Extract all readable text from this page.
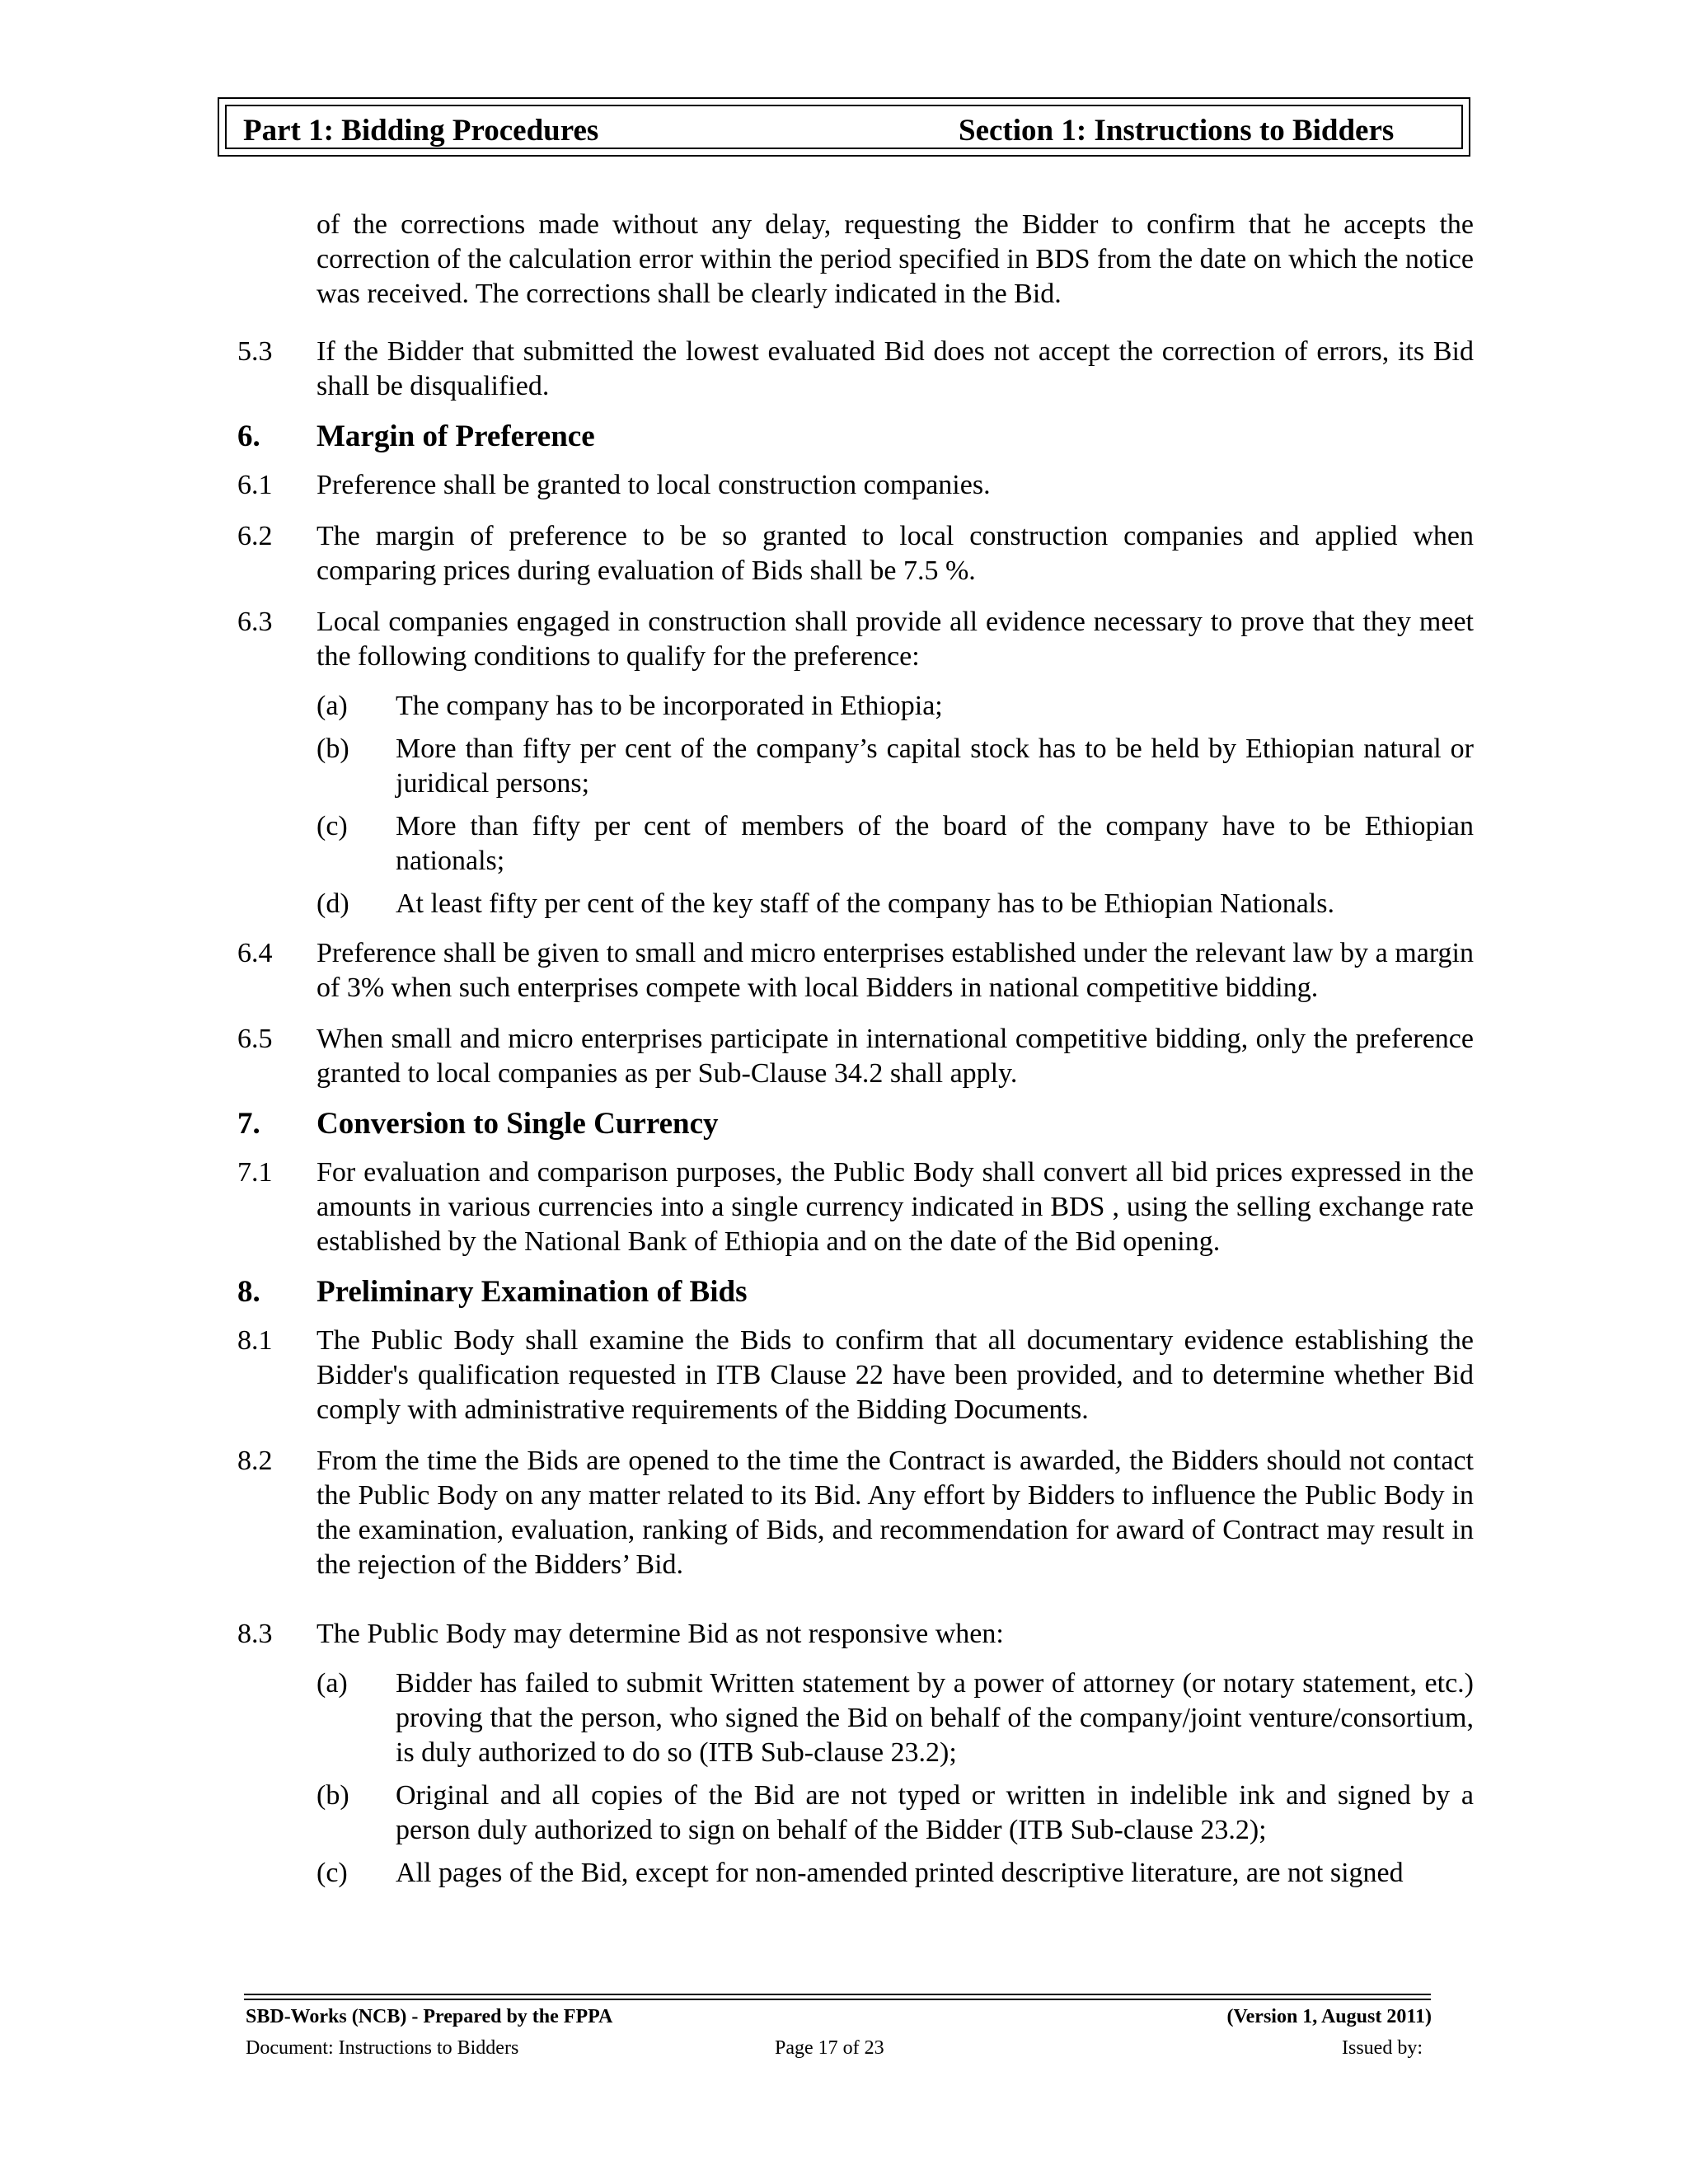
Part 1: Bidding Procedures	Section 1: Instructions to Bidders
of the corrections made without any delay, requesting the Bidder to confirm that he accepts the correction of the calculation error within the period specified in BDS from the date on which the notice was received. The corrections shall be clearly indicated in the Bid.
5.3 If the Bidder that submitted the lowest evaluated Bid does not accept the correction of errors, its Bid shall be disqualified.
6. Margin of Preference
6.1 Preference shall be granted to local construction companies.
6.2 The margin of preference to be so granted to local construction companies and applied when comparing prices during evaluation of Bids shall be 7.5 %.
6.3 Local companies engaged in construction shall provide all evidence necessary to prove that they meet the following conditions to qualify for the preference:
(a) The company has to be incorporated in Ethiopia;
(b) More than fifty per cent of the company’s capital stock has to be held by Ethiopian natural or juridical persons;
(c) More than fifty per cent of members of the board of the company have to be Ethiopian nationals;
(d) At least fifty per cent of the key staff of the company has to be Ethiopian Nationals.
6.4 Preference shall be given to small and micro enterprises established under the relevant law by a margin of 3% when such enterprises compete with local Bidders in national competitive bidding.
6.5 When small and micro enterprises participate in international competitive bidding, only the preference granted to local companies as per Sub-Clause 34.2 shall apply.
7. Conversion to Single Currency
7.1 For evaluation and comparison purposes, the Public Body shall convert all bid prices expressed in the amounts in various currencies into a single currency indicated in BDS , using the selling exchange rate established by the National Bank of Ethiopia and on the date of the Bid opening.
8. Preliminary Examination of Bids
8.1 The Public Body shall examine the Bids to confirm that all documentary evidence establishing the Bidder's qualification requested in ITB Clause 22 have been provided, and to determine whether Bid comply with administrative requirements of the Bidding Documents.
8.2 From the time the Bids are opened to the time the Contract is awarded, the Bidders should not contact the Public Body on any matter related to its Bid. Any effort by Bidders to influence the Public Body in the examination, evaluation, ranking of Bids, and recommendation for award of Contract may result in the rejection of the Bidders’ Bid.
8.3 The Public Body may determine Bid as not responsive when:
(a) Bidder has failed to submit Written statement by a power of attorney (or notary statement, etc.) proving that the person, who signed the Bid on behalf of the company/joint venture/consortium, is duly authorized to do so (ITB Sub-clause 23.2);
(b) Original and all copies of the Bid are not typed or written in indelible ink and signed by a person duly authorized to sign on behalf of the Bidder (ITB Sub-clause 23.2);
(c) All pages of the Bid, except for non-amended printed descriptive literature, are not signed
SBD-Works (NCB) - Prepared by the FPPA	(Version 1, August 2011)
Document: Instructions to Bidders	Page 17 of 23	Issued by:
